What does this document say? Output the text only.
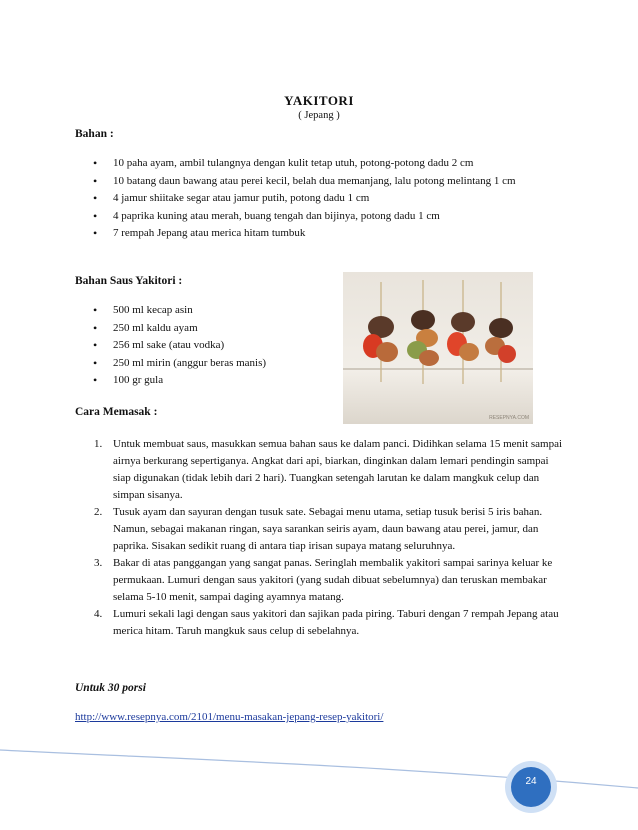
YAKITORI
( Jepang )
Bahan :
• 10 paha ayam, ambil tulangnya dengan kulit tetap utuh, potong-potong dadu 2 cm
• 10 batang daun bawang atau perei kecil, belah dua memanjang, lalu potong melintang 1 cm
• 4 jamur shiitake segar atau jamur putih, potong dadu 1 cm
• 4 paprika kuning atau merah, buang tengah dan bijinya, potong dadu 1 cm
• 7 rempah Jepang atau merica hitam tumbuk
Bahan Saus Yakitori :
• 500 ml kecap asin
• 250 ml kaldu ayam
• 256 ml sake (atau vodka)
• 250 ml mirin (anggur beras manis)
• 100 gr gula
RESEPNYA.COM
Cara Memasak :
1. Untuk membuat saus, masukkan semua bahan saus ke dalam panci. Didihkan selama 15 menit sampai airnya berkurang sepertiganya. Angkat dari api, biarkan, dinginkan dalam lemari pendingin sampai siap digunakan (tidak lebih dari 2 hari). Tuangkan setengah larutan ke dalam mangkuk celup dan simpan sisanya.
2. Tusuk ayam dan sayuran dengan tusuk sate. Sebagai menu utama, setiap tusuk berisi 5 iris bahan. Namun, sebagai makanan ringan, saya sarankan seiris ayam, daun bawang atau perei, jamur, dan paprika. Sisakan sedikit ruang di antara tiap irisan supaya matang seluruhnya.
3. Bakar di atas panggangan yang sangat panas. Seringlah membalik yakitori sampai sarinya keluar ke permukaan. Lumuri dengan saus yakitori (yang sudah dibuat sebelumnya) dan teruskan membakar selama 5-10 menit, sampai daging ayamnya matang.
4. Lumuri sekali lagi dengan saus yakitori dan sajikan pada piring. Taburi dengan 7 rempah Jepang atau merica hitam. Taruh mangkuk saus celup di sebelahnya.
Untuk 30 porsi
http://www.resepnya.com/2101/menu-masakan-jepang-resep-yakitori/
24
